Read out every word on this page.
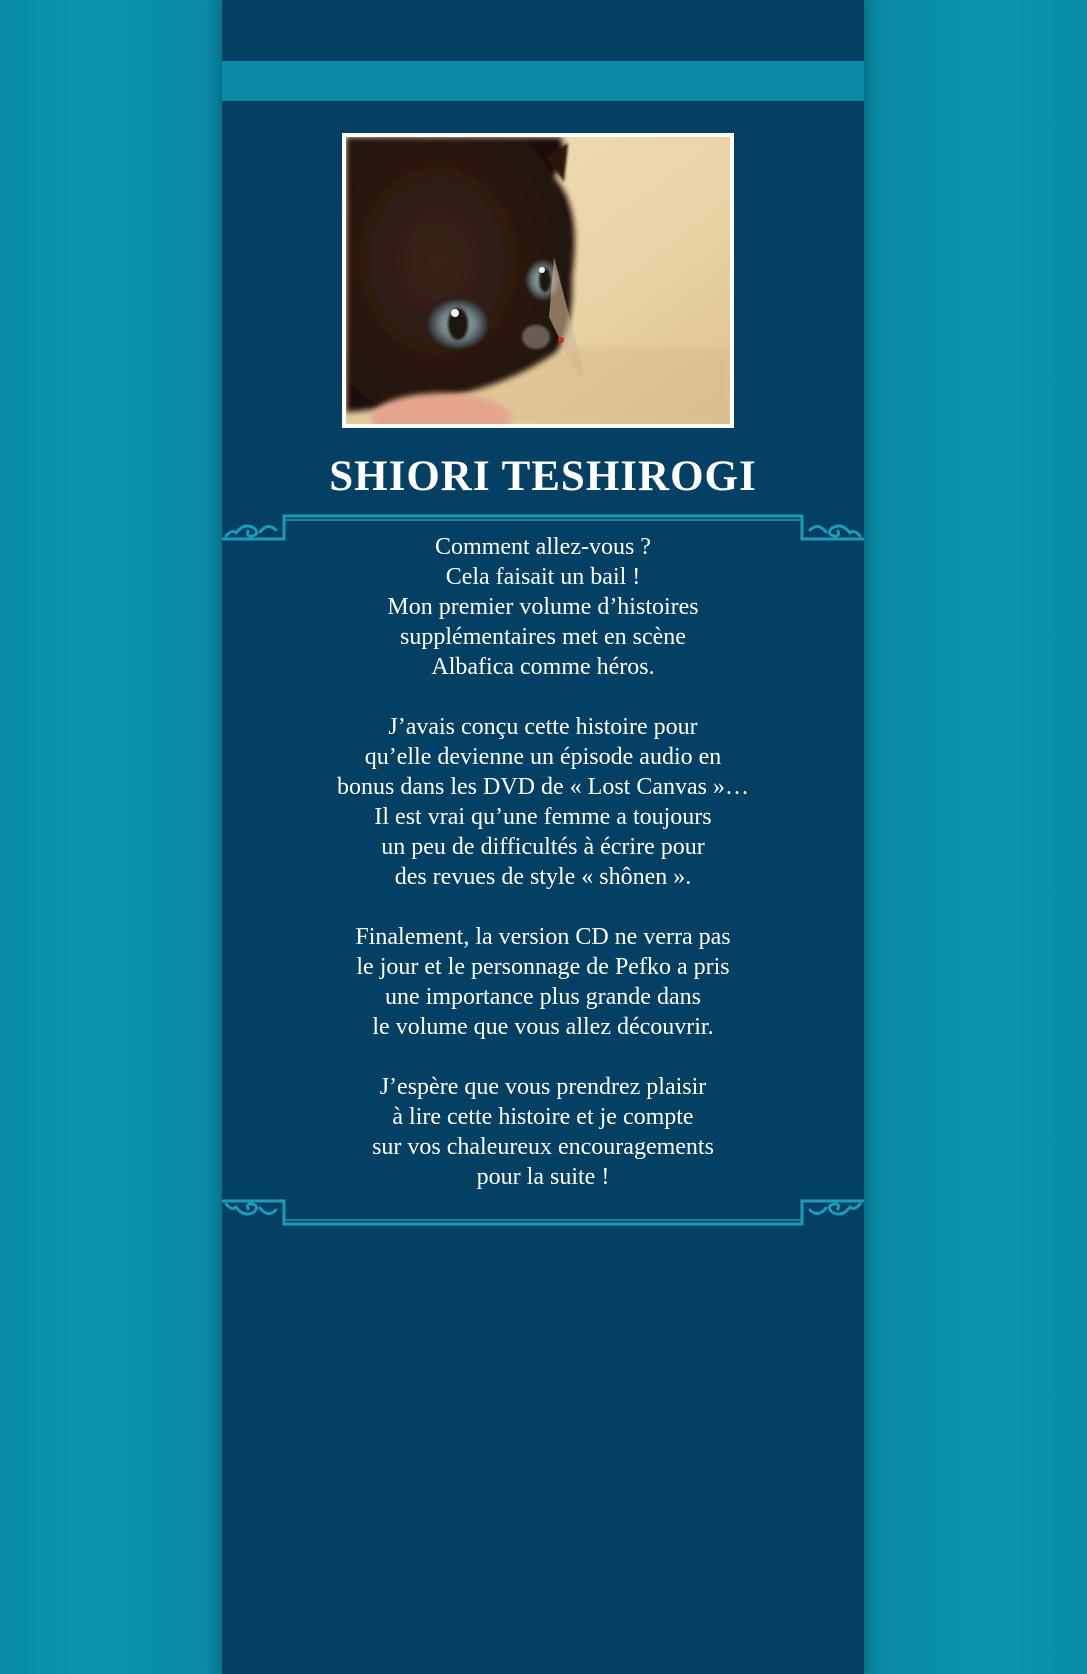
SHIORI TESHIROGI

Comment allez-vous ?
Cela faisait un bail !
Mon premier volume d’histoires
supplémentaires met en scène
Albafica comme héros.

J’avais conçu cette histoire pour
qu’elle devienne un épisode audio en
bonus dans les DVD de « Lost Canvas »…
Il est vrai qu’une femme a toujours
un peu de difficultés à écrire pour
des revues de style « shônen ».

Finalement, la version CD ne verra pas
le jour et le personnage de Pefko a pris
une importance plus grande dans
le volume que vous allez découvrir.

J’espère que vous prendrez plaisir
à lire cette histoire et je compte
sur vos chaleureux encouragements
pour la suite !
